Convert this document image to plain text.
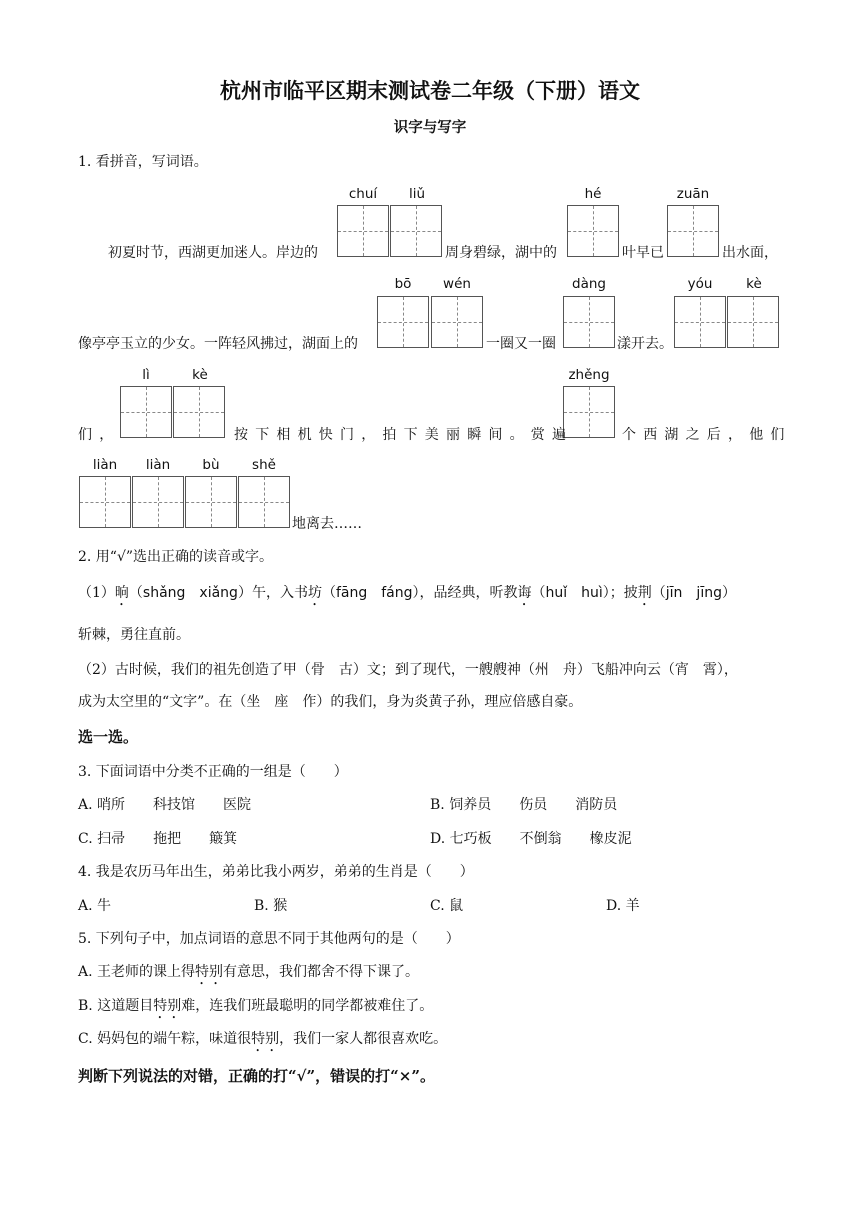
杭州市临平区期末测试卷二年级（下册）语文
识字与写字
1. 看拼音，写词语。
chuí	liǔ	hé	zuān
初夏时节，西湖更加迷人。岸边的	周身碧绿，湖中的	叶早已	出水面，
bō	wén	dàng	yóu	kè
像亭亭玉立的少女。一阵轻风拂过，湖面上的	一圈又一圈	漾开去。
lì	kè	zhěng
们，	按下相机快门，拍下美丽瞬间。赏遍	个西湖之后，他们
liàn	liàn	bù	shě
地离去……
2. 用“√”选出正确的读音或字。
（1）晌（shǎng　xiǎng）午，入书坊（fāng　fáng），品经典，听教诲（huǐ　huì）；披荆（jīn　jīng）
斩棘，勇往直前。
（2）古时候，我们的祖先创造了甲（骨　古）文；到了现代，一艘艘神（州　舟）飞船冲向云（宵　霄），
成为太空里的“文字”。在（坐　座　作）的我们，身为炎黄子孙，理应倍感自豪。
选一选。
3. 下面词语中分类不正确的一组是（　　）
A. 哨所　　科技馆　　医院	B. 饲养员　　伤员　　消防员
C. 扫帚　　拖把　　簸箕	D. 七巧板　　不倒翁　　橡皮泥
4. 我是农历马年出生，弟弟比我小两岁，弟弟的生肖是（　　）
A. 牛	B. 猴	C. 鼠	D. 羊
5. 下列句子中，加点词语的意思不同于其他两句的是（　　）
A. 王老师的课上得特别有意思，我们都舍不得下课了。
B. 这道题目特别难，连我们班最聪明的同学都被难住了。
C. 妈妈包的端午粽，味道很特别，我们一家人都很喜欢吃。
判断下列说法的对错，正确的打“√”，错误的打“×”。
